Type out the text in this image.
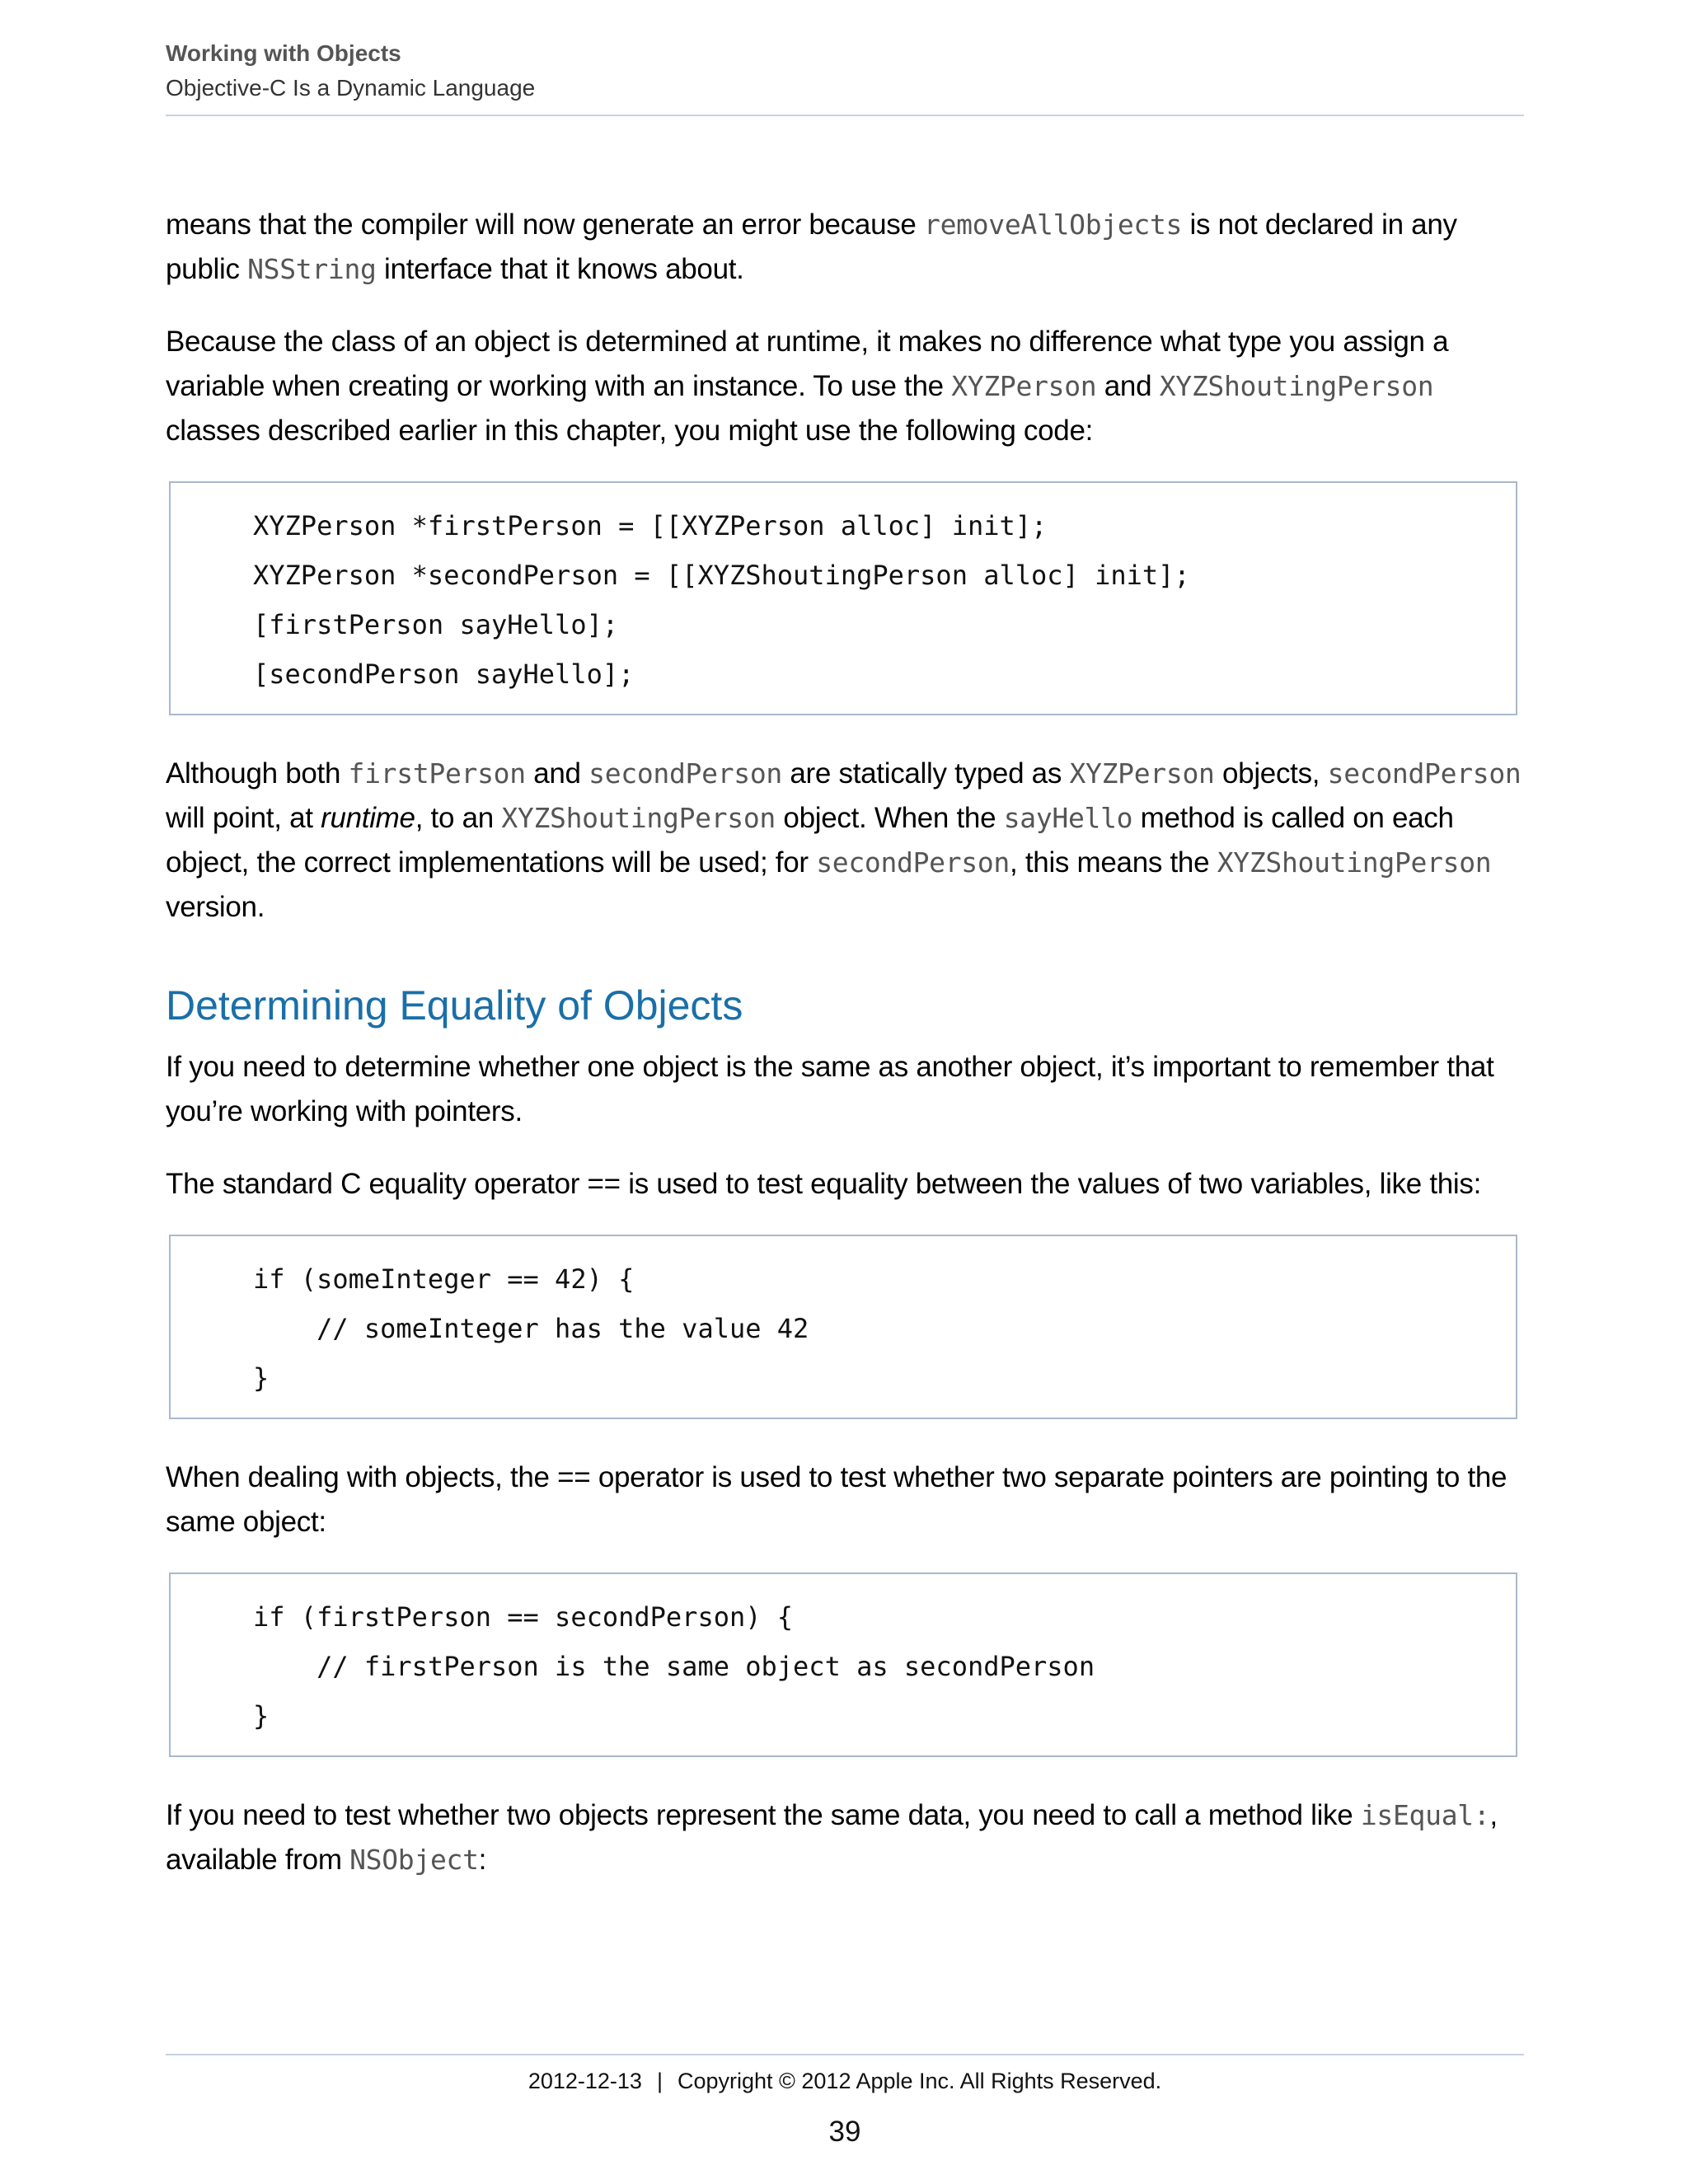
Working with Objects
Objective-C Is a Dynamic Language

means that the compiler will now generate an error because removeAllObjects is not declared in any public NSString interface that it knows about.

Because the class of an object is determined at runtime, it makes no difference what type you assign a variable when creating or working with an instance. To use the XYZPerson and XYZShoutingPerson classes described earlier in this chapter, you might use the following code:

XYZPerson *firstPerson = [[XYZPerson alloc] init];
XYZPerson *secondPerson = [[XYZShoutingPerson alloc] init];
[firstPerson sayHello];
[secondPerson sayHello];

Although both firstPerson and secondPerson are statically typed as XYZPerson objects, secondPerson will point, at runtime, to an XYZShoutingPerson object. When the sayHello method is called on each object, the correct implementations will be used; for secondPerson, this means the XYZShoutingPerson version.

Determining Equality of Objects

If you need to determine whether one object is the same as another object, it’s important to remember that you’re working with pointers.

The standard C equality operator == is used to test equality between the values of two variables, like this:

if (someInteger == 42) {
// someInteger has the value 42
}

When dealing with objects, the == operator is used to test whether two separate pointers are pointing to the same object:

if (firstPerson == secondPerson) {
// firstPerson is the same object as secondPerson
}

If you need to test whether two objects represent the same data, you need to call a method like isEqual:, available from NSObject:

2012-12-13 | Copyright © 2012 Apple Inc. All Rights Reserved.
39
